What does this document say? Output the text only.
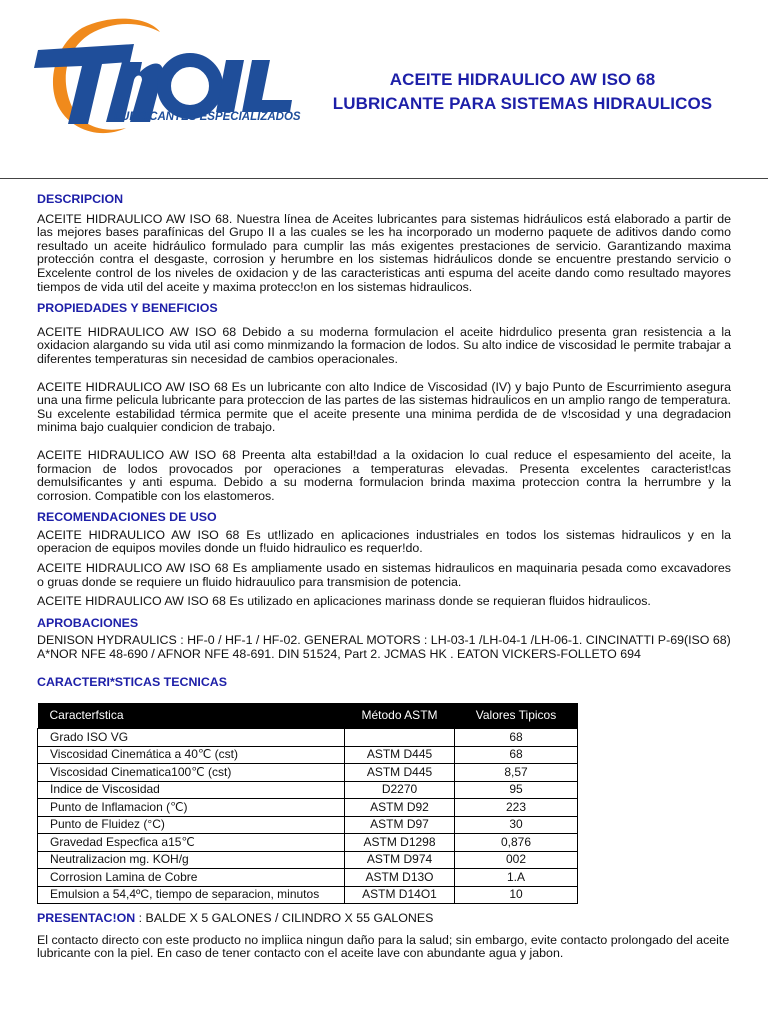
LUBRICANTES ESPECIALIZADOS
ACEITE HIDRAULICO AW ISO 68
LUBRICANTE PARA SISTEMAS HIDRAULICOS
DESCRIPCION

ACEITE HIDRAULICO AW ISO 68. Nuestra línea de Aceites lubricantes para sistemas hidráulicos está elaborado a partir de las mejores bases parafínicas del Grupo II a las cuales se les ha incorporado un moderno paquete de aditivos dando como resultado un aceite hidráulico formulado para cumplir las más exigentes prestaciones de servicio. Garantizando maxima protección contra el desgaste, corrosion y herumbre en los sistemas hidráulicos donde se encuentre prestando servicio o Excelente control de los niveles de oxidacion y de las caracteristicas anti espuma del aceite dando como resultado mayores tiempos de vida util del aceite y maxima protecc!on en los sistemas hidraulicos.

PROPIEDADES Y BENEFICIOS

ACEITE HIDRAULICO AW ISO 68 Debido a su moderna formulacion el aceite hidrdulico presenta gran resistencia a la oxidacion alargando su vida util asi como minmizando la formacion de lodos. Su alto indice de viscosidad le permite trabajar a diferentes temperaturas sin necesidad de cambios operacionales.

ACEITE HIDRAULICO AW ISO 68 Es un lubricante con alto Indice de Viscosidad (IV) y bajo Punto de Escurrimiento asegura una una firme pelicula lubricante para proteccion de las partes de las sistemas hidraulicos en un amplio rango de temperatura. Su excelente estabilidad térmica permite que el aceite presente una minima perdida de de v!scosidad y una degradacion minima bajo cualquier condicion de trabajo.

ACEITE HIDRAULICO AW ISO 68 Preenta alta estabil!dad a la oxidacion lo cual reduce el espesamiento del aceite, la formacion de lodos provocados por operaciones a temperaturas elevadas. Presenta excelentes caracterist!cas demulsificantes y anti espuma. Debido a su moderna formulacion brinda maxima proteccion contra la herrumbre y la corrosion. Compatible con los elastomeros.

RECOMENDACIONES DE USO

ACEITE HIDRAULICO AW ISO 68 Es ut!lizado en aplicaciones industriales en todos los sistemas hidraulicos y en la operacion de equipos moviles donde un f!uido hidraulico es requer!do.

ACEITE HIDRAULICO AW ISO 68 Es ampliamente usado en sistemas hidraulicos en maquinaria pesada como excavadores o gruas donde se requiere un fluido hidrauulico para transmision de potencia.

ACEITE HIDRAULICO AW ISO 68 Es utilizado en aplicaciones marinass donde se requieran fluidos hidraulicos.

APROBACIONES

DENISON HYDRAULICS : HF-0 / HF-1 / HF-02. GENERAL MOTORS : LH-03-1 /LH-04-1 /LH-06-1. CINCINATTI P-69(ISO 68) A*NOR NFE 48-690 / AFNOR NFE 48-691. DIN 51524, Part 2. JCMAS HK . EATON VICKERS-FOLLETO 694

CARACTERI*STICAS TECNICAS
Caracterfstica	Método ASTM	Valores Tipicos
Grado ISO VG		68
Viscosidad Cinemática a 40℃ (cst)	ASTM D445	68
Viscosidad Cinematica100℃ (cst)	ASTM D445	8,57
Indice de Viscosidad	D2270	95
Punto de Inflamacion (℃)	ASTM D92	223
Punto de Fluidez (°C)	ASTM D97	30
Gravedad Especfica a15℃	ASTM D1298	0,876
Neutralizacion mg. KOH/g	ASTM D974	002
Corrosion Lamina de Cobre	ASTM D13O	1.A
Emulsion a 54,4ºC, tiempo de separacion, minutos	ASTM D14O1	10

PRESENTAC!ON : BALDE X 5 GALONES / CILINDRO X 55 GALONES

El contacto directo con este producto no impliica ningun daño para la salud; sin embargo, evite contacto prolongado del aceite lubricante con la piel. En caso de tener contacto con el aceite lave con abundante agua y jabon.
